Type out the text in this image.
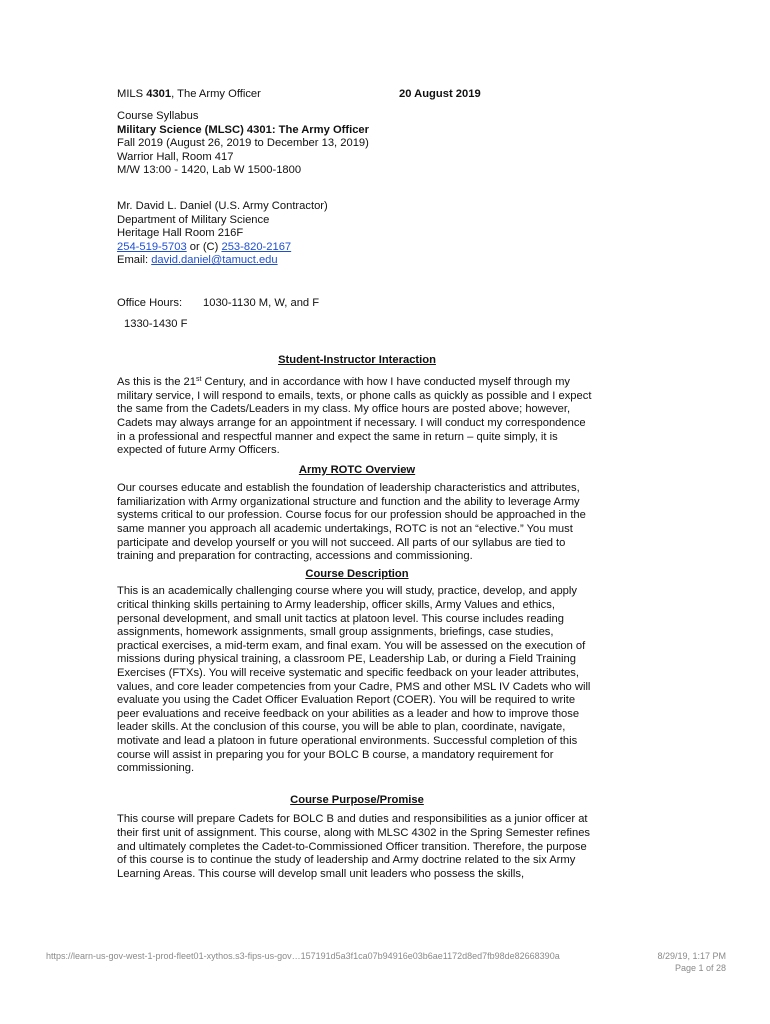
MILS 4301, The Army Officer	20 August 2019
Course Syllabus
Military Science (MLSC) 4301: The Army Officer
Fall 2019 (August 26, 2019 to December 13, 2019)
Warrior Hall, Room 417
M/W 13:00 - 1420, Lab W 1500-1800
Mr. David L. Daniel (U.S. Army Contractor)
Department of Military Science
Heritage Hall Room 216F
254-519-5703 or (C) 253-820-2167
Email: david.daniel@tamuct.edu
Office Hours: 1030-1130 M, W, and F
1330-1430 F
Student-Instructor Interaction

As this is the 21st Century, and in accordance with how I have conducted myself through my military service, I will respond to emails, texts, or phone calls as quickly as possible and I expect the same from the Cadets/Leaders in my class. My office hours are posted above; however, Cadets may always arrange for an appointment if necessary. I will conduct my correspondence in a professional and respectful manner and expect the same in return – quite simply, it is expected of future Army Officers.

Army ROTC Overview

Our courses educate and establish the foundation of leadership characteristics and attributes, familiarization with Army organizational structure and function and the ability to leverage Army systems critical to our profession. Course focus for our profession should be approached in the same manner you approach all academic undertakings, ROTC is not an “elective.” You must participate and develop yourself or you will not succeed. All parts of our syllabus are tied to training and preparation for contracting, accessions and commissioning.

Course Description

This is an academically challenging course where you will study, practice, develop, and apply critical thinking skills pertaining to Army leadership, officer skills, Army Values and ethics, personal development, and small unit tactics at platoon level. This course includes reading assignments, homework assignments, small group assignments, briefings, case studies, practical exercises, a mid-term exam, and final exam. You will be assessed on the execution of missions during physical training, a classroom PE, Leadership Lab, or during a Field Training Exercises (FTXs). You will receive systematic and specific feedback on your leader attributes, values, and core leader competencies from your Cadre, PMS and other MSL IV Cadets who will evaluate you using the Cadet Officer Evaluation Report (COER). You will be required to write peer evaluations and receive feedback on your abilities as a leader and how to improve those leader skills. At the conclusion of this course, you will be able to plan, coordinate, navigate, motivate and lead a platoon in future operational environments. Successful completion of this course will assist in preparing you for your BOLC B course, a mandatory requirement for commissioning.

Course Purpose/Promise

This course will prepare Cadets for BOLC B and duties and responsibilities as a junior officer at their first unit of assignment. This course, along with MLSC 4302 in the Spring Semester refines and ultimately completes the Cadet-to-Commissioned Officer transition. Therefore, the purpose of this course is to continue the study of leadership and Army doctrine related to the six Army Learning Areas. This course will develop small unit leaders who possess the skills,

https://learn-us-gov-west-1-prod-fleet01-xythos.s3-fips-us-gov…157191d5a3f1ca07b94916e03b6ae1172d8ed7fb98de82668390a	8/29/19, 1:17 PM
Page 1 of 28
